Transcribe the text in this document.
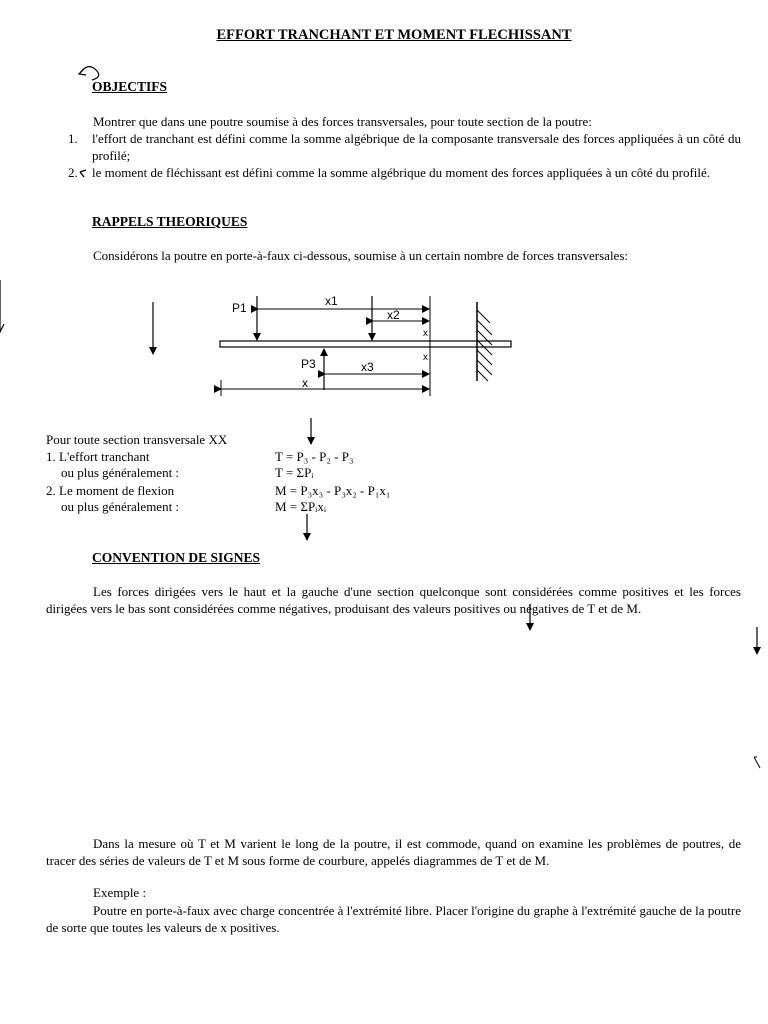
EFFORT TRANCHANT ET MOMENT FLECHISSANT
OBJECTIFS
Montrer que dans une poutre soumise à des forces transversales, pour toute section de la poutre:
1.	l'effort de tranchant est défini comme la somme algébrique de la composante transversale des forces appliquées à un côté du profilé;
2.	le moment de fléchissant est défini comme la somme algébrique du moment des forces appliquées à un côté du profilé.
RAPPELS THEORIQUES
Considérons la poutre en porte-à-faux ci-dessous, soumise à un certain nombre de forces transversales:
P1	x1
x2
x
x
P3	x3
x
Pour toute section transversale XX
1. L'effort tranchant	T = P₃ - P₂ - P₃
ou plus généralement :	T = ΣPᵢ
2. Le moment de flexion	M = P₃x₃ - P₃x₂ - P₁x₁
ou plus généralement :	M = ΣPᵢxᵢ
CONVENTION DE SIGNES
Les forces dirigées vers le haut et la gauche d'une section quelconque sont considérées comme positives et les forces dirigées vers le bas sont considérées comme négatives, produisant des valeurs positives ou négatives de T et de M.
Dans la mesure où T et M varient le long de la poutre, il est commode, quand on examine les problèmes de poutres, de tracer des séries de valeurs de T et M sous forme de courbure, appelés diagrammes de T et de M.
Exemple :
Poutre en porte-à-faux avec charge concentrée à l'extrémité libre. Placer l'origine du graphe à l'extrémité gauche de la poutre de sorte que toutes les valeurs de x positives.
